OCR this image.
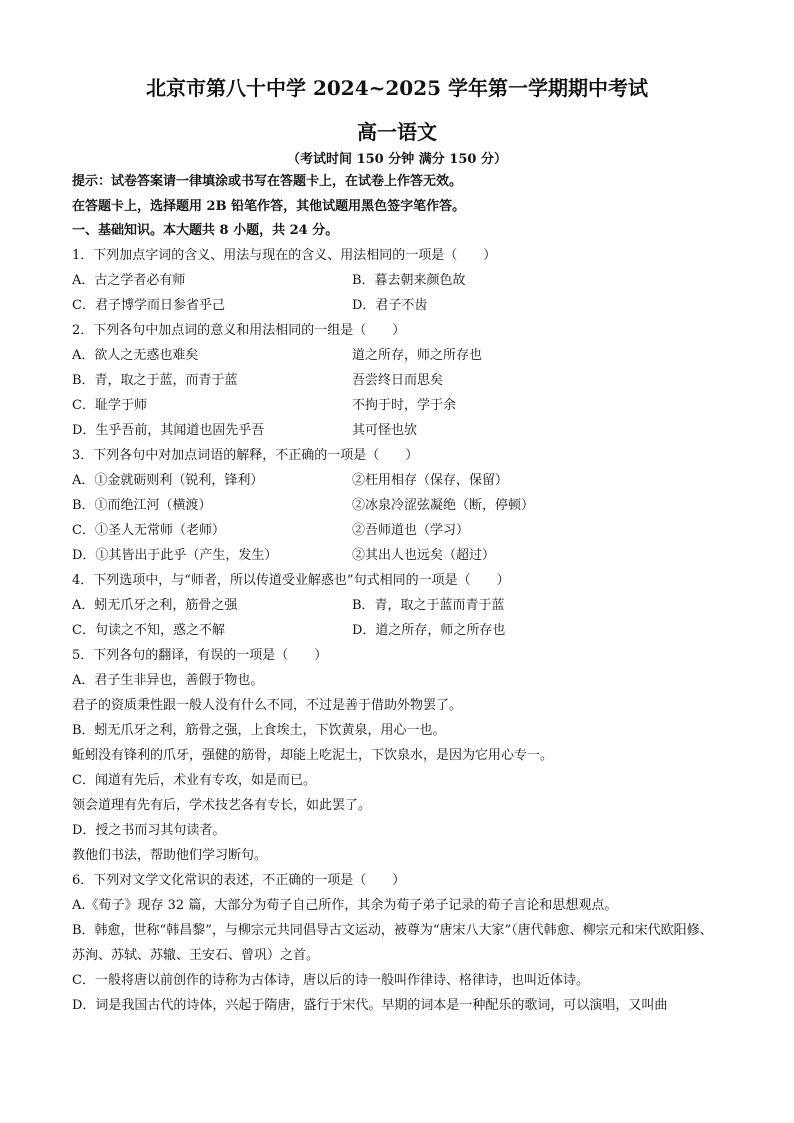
北京市第八十中学 2024~2025 学年第一学期期中考试
高一语文
（考试时间 150 分钟 满分 150 分）
提示：试卷答案请一律填涂或书写在答题卡上，在试卷上作答无效。
在答题卡上，选择题用 2B 铅笔作答，其他试题用黑色签字笔作答。
一、基础知识。本大题共 8 小题，共 24 分。
1．下列加点字词的含义、用法与现在的含义、用法相同的一项是（　　）
A．古之学者必有师	B．暮去朝来颜色故
C．君子博学而日参省乎己	D．君子不齿
2．下列各句中加点词的意义和用法相同的一组是（　　）
A．欲人之无惑也难矣	道之所存，师之所存也
B．青，取之于蓝，而青于蓝	吾尝终日而思矣
C．耻学于师	不拘于时，学于余
D．生乎吾前，其闻道也固先乎吾	其可怪也欤
3．下列各句中对加点词语的解释，不正确的一项是（　　）
A．①金就砺则利（锐利，锋利）	②枉用相存（保存，保留）
B．①而绝江河（横渡）	②冰泉冷涩弦凝绝（断，停顿）
C．①圣人无常师（老师）	②吾师道也（学习）
D．①其皆出于此乎（产生，发生）	②其出人也远矣（超过）
4．下列选项中，与“师者，所以传道受业解惑也”句式相同的一项是（　　）
A．蚓无爪牙之利，筋骨之强	B．青，取之于蓝而青于蓝
C．句读之不知，惑之不解	D．道之所存，师之所存也
5．下列各句的翻译，有误的一项是（　　）
A．君子生非异也，善假于物也。
君子的资质秉性跟一般人没有什么不同，不过是善于借助外物罢了。
B．蚓无爪牙之利，筋骨之强，上食埃土，下饮黄泉，用心一也。
蚯蚓没有锋利的爪牙，强健的筋骨，却能上吃泥土，下饮泉水，是因为它用心专一。
C．闻道有先后，术业有专攻，如是而已。
领会道理有先有后，学术技艺各有专长，如此罢了。
D．授之书而习其句读者。
教他们书法，帮助他们学习断句。
6．下列对文学文化常识的表述，不正确的一项是（　　）
A.《荀子》现存 32 篇，大部分为荀子自己所作，其余为荀子弟子记录的荀子言论和思想观点。
B．韩愈，世称“韩昌黎”，与柳宗元共同倡导古文运动，被尊为“唐宋八大家”（唐代韩愈、柳宗元和宋代欧阳修、苏洵、苏轼、苏辙、王安石、曾巩）之首。
C．一般将唐以前创作的诗称为古体诗，唐以后的诗一般叫作律诗、格律诗，也叫近体诗。
D．词是我国古代的诗体，兴起于隋唐，盛行于宋代。早期的词本是一种配乐的歌词，可以演唱，又叫曲
